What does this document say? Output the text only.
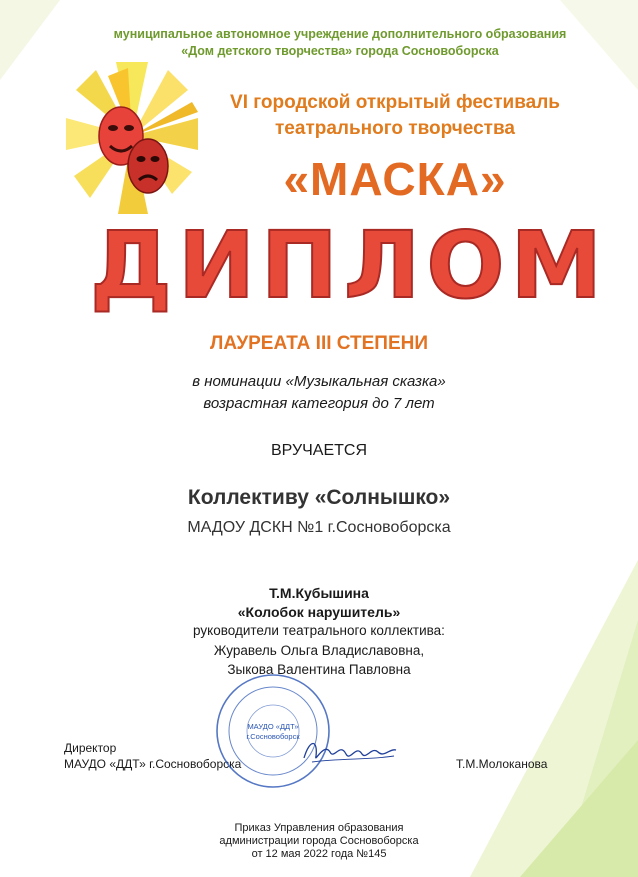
муниципальное автономное учреждение дополнительного образования
«Дом детского творчества» города Сосновоборска
VI городской открытый фестиваль
театрального творчества
«МАСКА»
ДИПЛОМ
ЛАУРЕАТА III СТЕПЕНИ
в номинации «Музыкальная сказка»
возрастная категория до 7 лет
ВРУЧАЕТСЯ
Коллективу «Солнышко»
МАДОУ ДСКН №1 г.Сосновоборска
Т.М.Кубышина
«Колобок нарушитель»
руководители театрального коллектива:
Журавель Ольга Владиславовна,
Зыкова Валентина Павловна
МАУДО «ДДТ»
г.Сосновоборск
Директор
МАУДО «ДДТ» г.Сосновоборска	Т.М.Молоканова
Приказ Управления образования
администрации города Сосновоборска
от 12 мая 2022 года №145
